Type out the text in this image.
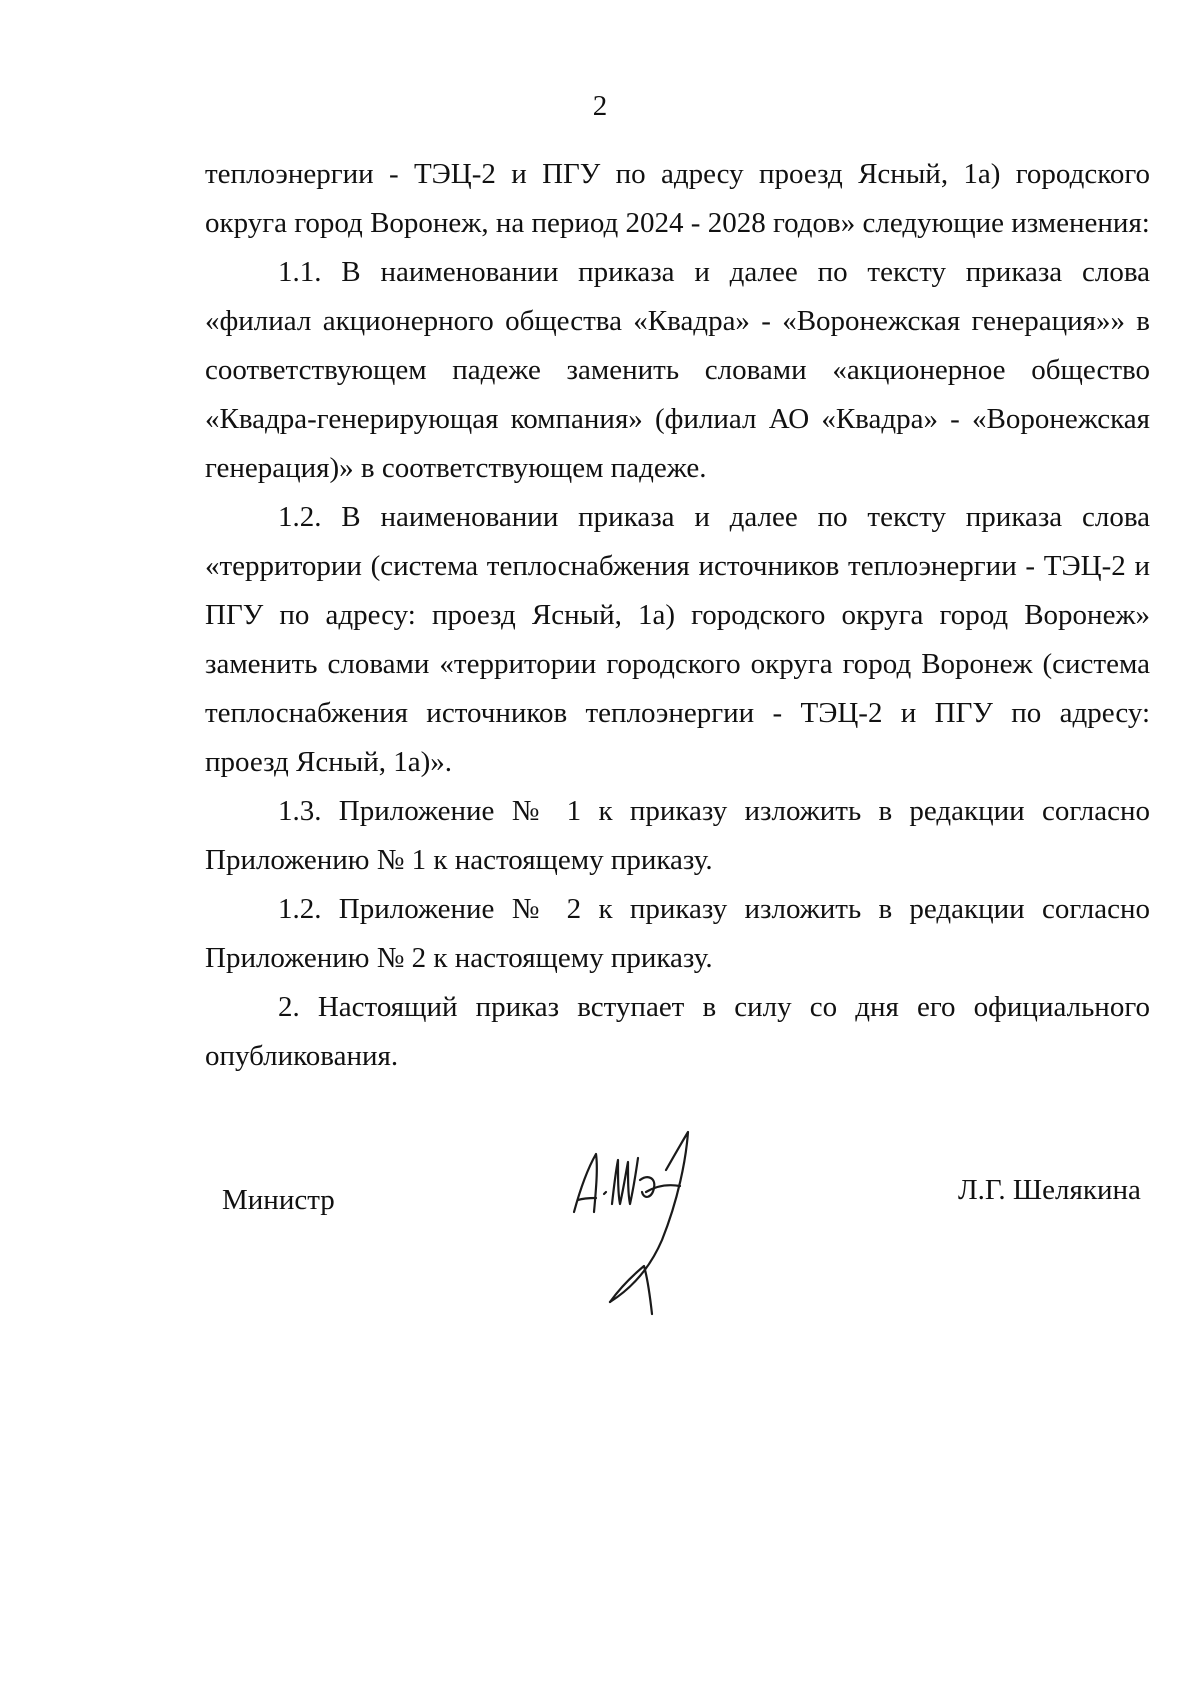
2

теплоэнергии - ТЭЦ-2 и ПГУ по адресу проезд Ясный, 1а) городского округа город Воронеж, на период 2024 - 2028 годов» следующие изменения:

1.1. В наименовании приказа и далее по тексту приказа слова «филиал акционерного общества «Квадра» - «Воронежская генерация»» в соответствующем падеже заменить словами «акционерное общество «Квадра-генерирующая компания» (филиал АО «Квадра» - «Воронежская генерация)» в соответствующем падеже.

1.2. В наименовании приказа и далее по тексту приказа слова «территории (система теплоснабжения источников теплоэнергии - ТЭЦ-2 и ПГУ по адресу: проезд Ясный, 1а) городского округа город Воронеж» заменить словами «территории городского округа город Воронеж (система теплоснабжения источников теплоэнергии - ТЭЦ-2 и ПГУ по адресу: проезд Ясный, 1а)».

1.3. Приложение № 1 к приказу изложить в редакции согласно Приложению № 1 к настоящему приказу.

1.2. Приложение № 2 к приказу изложить в редакции согласно Приложению № 2 к настоящему приказу.

2. Настоящий приказ вступает в силу со дня его официального опубликования.

Министр	Л.Г. Шелякина
